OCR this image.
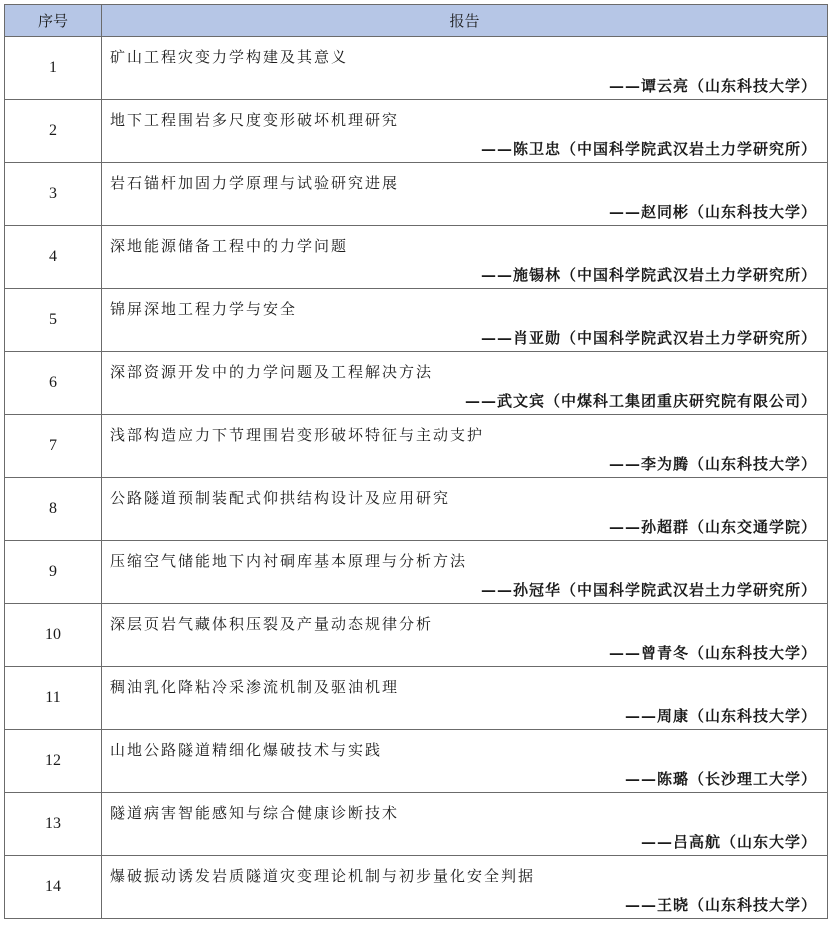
序号	报告
1	矿山工程灾变力学构建及其意义
——谭云亮（山东科技大学）

2	地下工程围岩多尺度变形破坏机理研究
——陈卫忠（中国科学院武汉岩土力学研究所）

3	岩石锚杆加固力学原理与试验研究进展
——赵同彬（山东科技大学）

4	深地能源储备工程中的力学问题
——施锡林（中国科学院武汉岩土力学研究所）

5	锦屏深地工程力学与安全
——肖亚勋（中国科学院武汉岩土力学研究所）

6	深部资源开发中的力学问题及工程解决方法
——武文宾（中煤科工集团重庆研究院有限公司）

7	浅部构造应力下节理围岩变形破坏特征与主动支护
——李为腾（山东科技大学）

8	公路隧道预制装配式仰拱结构设计及应用研究
——孙超群（山东交通学院）

9	压缩空气储能地下内衬硐库基本原理与分析方法
——孙冠华（中国科学院武汉岩土力学研究所）

10	深层页岩气藏体积压裂及产量动态规律分析
——曾青冬（山东科技大学）

11	稠油乳化降粘冷采渗流机制及驱油机理
——周康（山东科技大学）

12	山地公路隧道精细化爆破技术与实践
——陈璐（长沙理工大学）

13	隧道病害智能感知与综合健康诊断技术
——吕高航（山东大学）

14	爆破振动诱发岩质隧道灾变理论机制与初步量化安全判据
——王晓（山东科技大学）
